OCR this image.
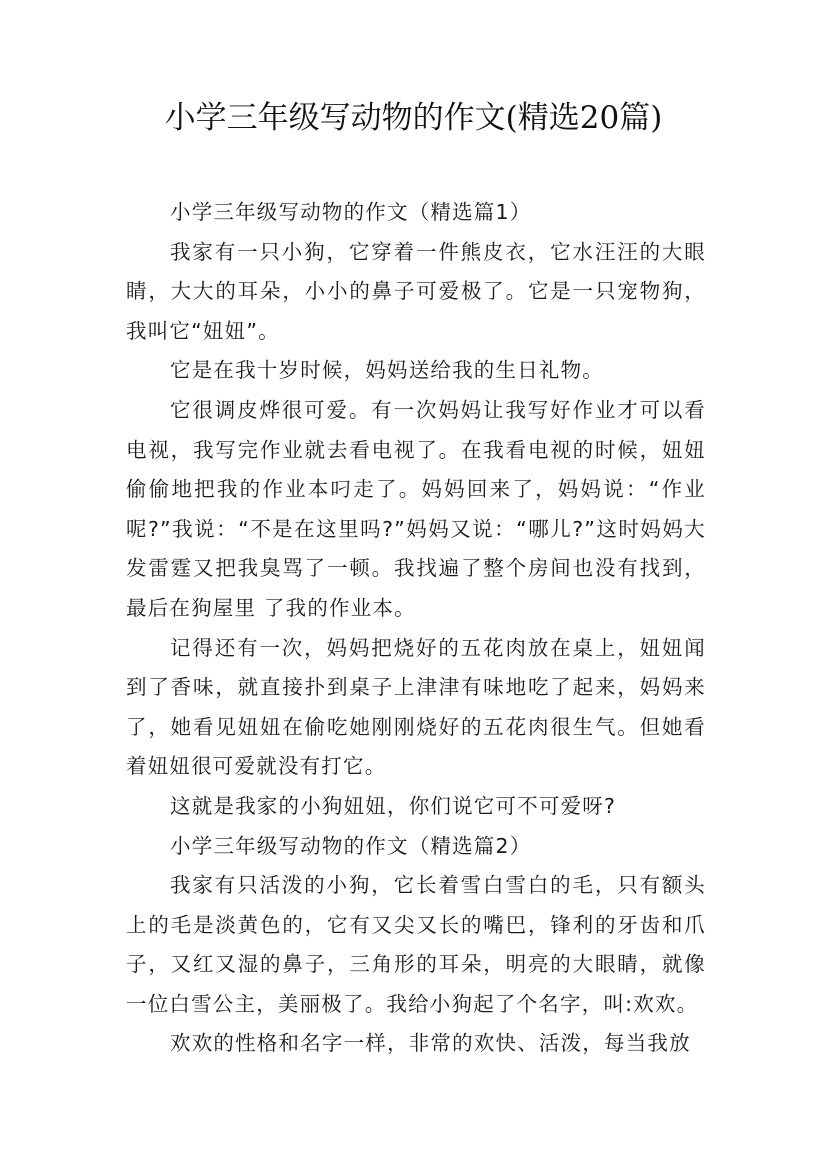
小学三年级写动物的作文(精选20篇)

小学三年级写动物的作文（精选篇1）

我家有一只小狗，它穿着一件熊皮衣，它水汪汪的大眼睛，大大的耳朵，小小的鼻子可爱极了。它是一只宠物狗，我叫它“妞妞”。

它是在我十岁时候，妈妈送给我的生日礼物。

它很调皮烨很可爱。有一次妈妈让我写好作业才可以看电视，我写完作业就去看电视了。在我看电视的时候，妞妞偷偷地把我的作业本叼走了。妈妈回来了，妈妈说：“作业呢?”我说：“不是在这里吗?”妈妈又说：“哪儿?”这时妈妈大发雷霆又把我臭骂了一顿。我找遍了整个房间也没有找到，最后在狗屋里 了我的作业本。

记得还有一次，妈妈把烧好的五花肉放在桌上，妞妞闻到了香味，就直接扑到桌子上津津有味地吃了起来，妈妈来了，她看见妞妞在偷吃她刚刚烧好的五花肉很生气。但她看着妞妞很可爱就没有打它。

这就是我家的小狗妞妞，你们说它可不可爱呀?

小学三年级写动物的作文（精选篇2）

我家有只活泼的小狗，它长着雪白雪白的毛，只有额头上的毛是淡黄色的，它有又尖又长的嘴巴，锋利的牙齿和爪子，又红又湿的鼻子，三角形的耳朵，明亮的大眼睛，就像一位白雪公主，美丽极了。我给小狗起了个名字，叫:欢欢。

欢欢的性格和名字一样，非常的欢快、活泼，每当我放
